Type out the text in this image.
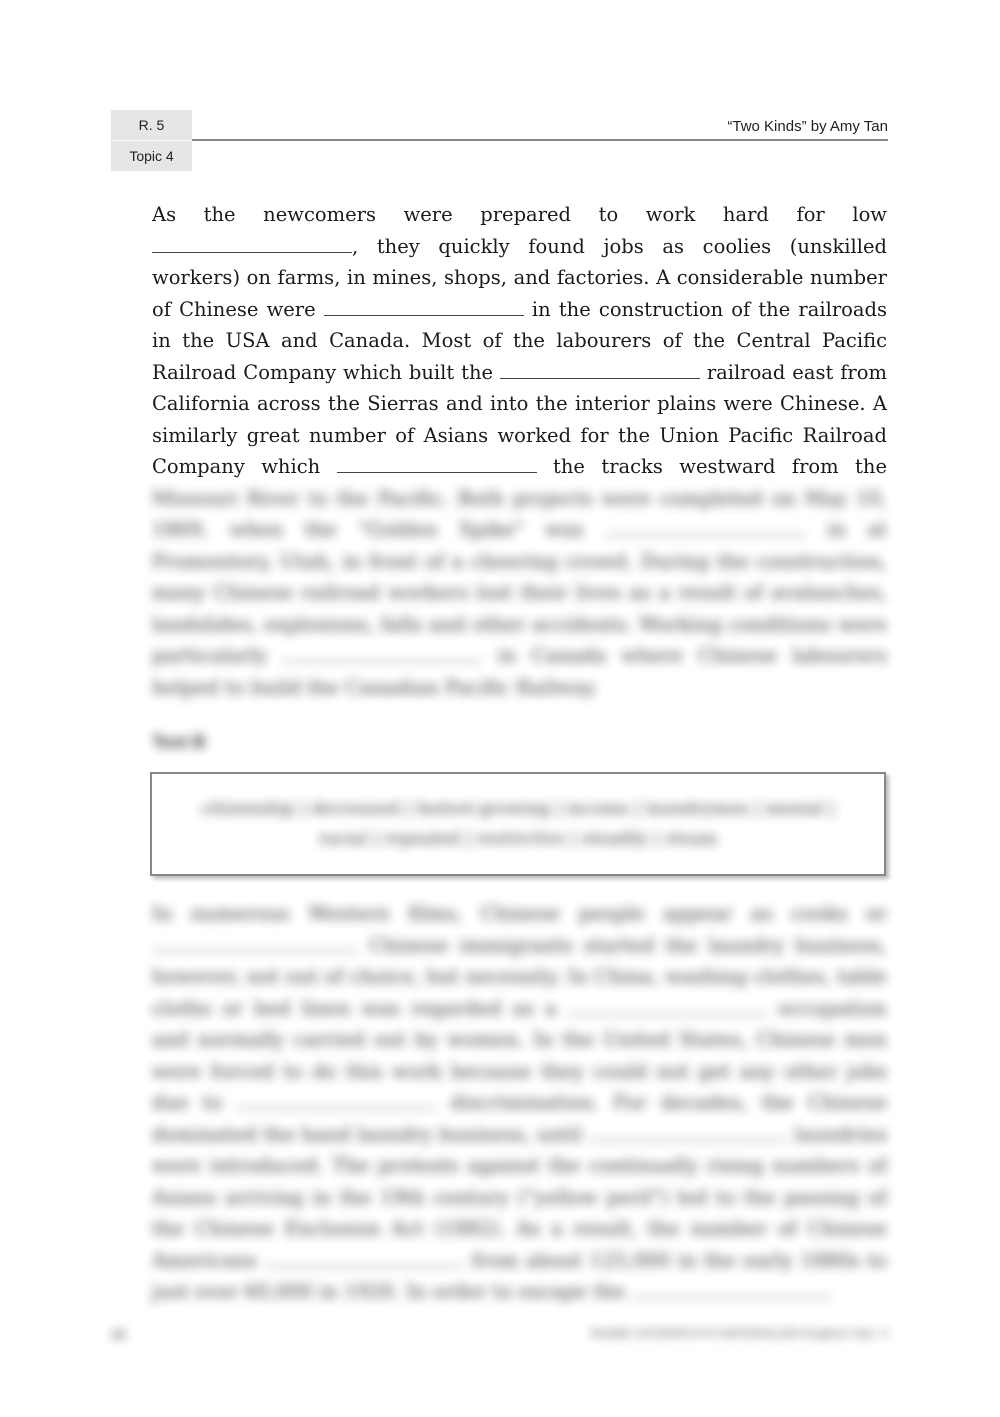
R. 5
Topic 4
“Two Kinds” by Amy Tan

As the newcomers were prepared to work hard for low , they quickly found jobs as coolies (unskilled workers) on farms, in mines, shops, and factories. A considerable number of Chinese were	in the construction of the railroads in the USA and Canada. Most of the labourers of the Central Pacific Railroad Company which built the	railroad east from California across the Sierras and into the interior plains were Chinese. A similarly great number of Asians worked for the Union Pacific Railroad Company which	the tracks westward from the Missouri River to the Pacific. Both projects were completed on May 10, 1869, when the "Golden Spike" was	in at Promontory, Utah, in front of a cheering crowd. During the construction, many Chinese railroad workers lost their lives as a result of avalanches, landslides, explosions, falls and other accidents. Working conditions were particularly	in Canada where Chinese labourers helped to build the Canadian Pacific Railway.

Text B
citizenship | decreased | fastest-growing | income | laundrymen | menial | racial | repealed | restrictive | steadily | steam

In numerous Western films, Chinese people appear as cooks or . Chinese immigrants started the laundry business, however, not out of choice, but necessity. In China, washing clothes, table cloths or bed linen was regarded as a	occupation and normally carried out by women. In the United States, Chinese men were forced to do this work because they could not get any other jobs due to	discrimination. For decades, the Chinese dominated the hand laundry business, until	laundries were introduced. The protests against the continually rising numbers of Asians arriving in the 19th century ("yellow peril") led to the passing of the Chinese Exclusion Act (1882). As a result, the number of Chinese Americans	from about 125,000 in the early 1880s to just over 60,000 in 1920. In order to escape the

38	RAABE UNTERRICHTS-MATERIALIEN Englisch Sek. II
